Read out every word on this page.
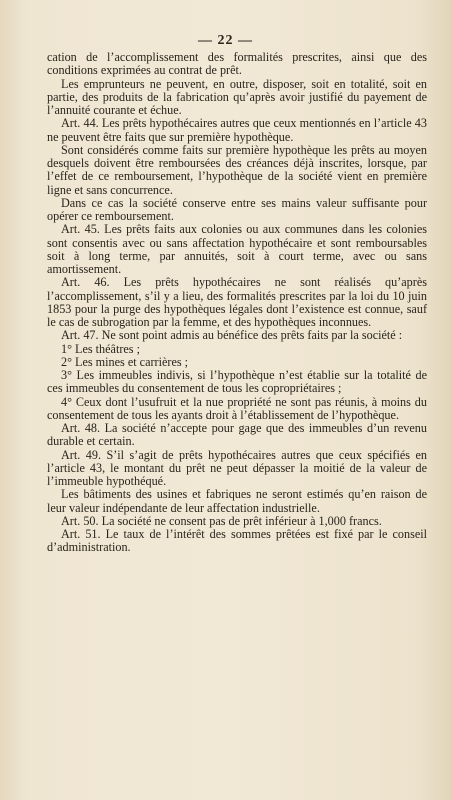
— 22 —

cation de l’accomplissement des formalités prescrites, ainsi que des conditions exprimées au contrat de prêt.

Les emprunteurs ne peuvent, en outre, disposer, soit en totalité, soit en partie, des produits de la fabrication qu’après avoir justifié du payement de l’annuité courante et échue.

Art. 44. Les prêts hypothécaires autres que ceux mentionnés en l’article 43 ne peuvent être faits que sur première hypothèque.

Sont considérés comme faits sur première hypothèque les prêts au moyen desquels doivent être remboursées des créances déjà inscrites, lorsque, par l’effet de ce remboursement, l’hypothèque de la société vient en première ligne et sans concurrence.

Dans ce cas la société conserve entre ses mains valeur suffisante pour opérer ce remboursement.

Art. 45. Les prêts faits aux colonies ou aux communes dans les colonies sont consentis avec ou sans affectation hypothécaire et sont remboursables soit à long terme, par annuités, soit à court terme, avec ou sans amortissement.

Art. 46. Les prêts hypothécaires ne sont réalisés qu’après l’accomplissement, s’il y a lieu, des formalités prescrites par la loi du 10 juin 1853 pour la purge des hypothèques légales dont l’existence est connue, sauf le cas de subrogation par la femme, et des hypothèques inconnues.

Art. 47. Ne sont point admis au bénéfice des prêts faits par la société :

1° Les théâtres ;

2° Les mines et carrières ;

3° Les immeubles indivis, si l’hypothèque n’est établie sur la totalité de ces immeubles du consentement de tous les copropriétaires ;

4° Ceux dont l’usufruit et la nue propriété ne sont pas réunis, à moins du consentement de tous les ayants droit à l’établissement de l’hypothèque.

Art. 48. La société n’accepte pour gage que des immeubles d’un revenu durable et certain.

Art. 49. S’il s’agit de prêts hypothécaires autres que ceux spécifiés en l’article 43, le montant du prêt ne peut dépasser la moitié de la valeur de l’immeuble hypothéqué.

Les bâtiments des usines et fabriques ne seront estimés qu’en raison de leur valeur indépendante de leur affectation industrielle.

Art. 50. La société ne consent pas de prêt inférieur à 1,000 francs.

Art. 51. Le taux de l’intérêt des sommes prêtées est fixé par le conseil d’administration.
